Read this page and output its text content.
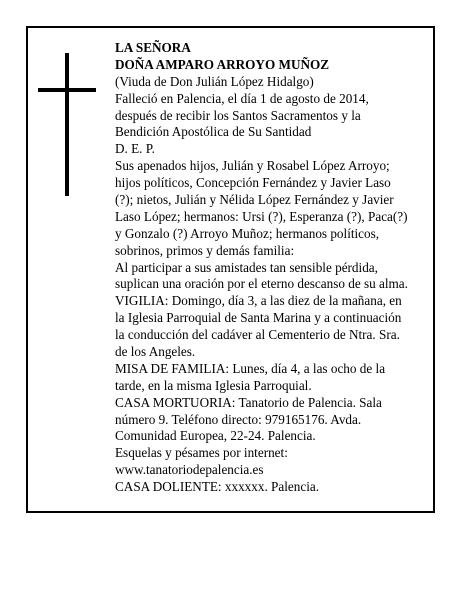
LA SEÑORA
DOÑA AMPARO ARROYO MUÑOZ
(Viuda de Don Julián López Hidalgo)
Falleció en Palencia, el día 1 de agosto de 2014,
después de recibir los Santos Sacramentos y la
Bendición Apostólica de Su Santidad
D. E. P.
Sus apenados hijos, Julián y Rosabel López Arroyo;
hijos políticos, Concepción Fernández y Javier Laso
(?); nietos, Julián y Nélida López Fernández y Javier
Laso López; hermanos: Ursi (?), Esperanza (?), Paca(?)
y Gonzalo (?) Arroyo Muñoz; hermanos políticos,
sobrinos, primos y demás familia:
Al participar a sus amistades tan sensible pérdida,
suplican una oración por el eterno descanso de su alma.
VIGILIA: Domingo, día 3, a las diez de la mañana, en
la Iglesia Parroquial de Santa Marina y a continuación
la conducción del cadáver al Cementerio de Ntra. Sra.
de los Angeles.
MISA DE FAMILIA: Lunes, día 4, a las ocho de la
tarde, en la misma Iglesia Parroquial.
CASA MORTUORIA: Tanatorio de Palencia. Sala
número 9. Teléfono directo: 979165176. Avda.
Comunidad Europea, 22-24. Palencia.
Esquelas y pésames por internet:
www.tanatoriodepalencia.es
CASA DOLIENTE: xxxxxx. Palencia.
